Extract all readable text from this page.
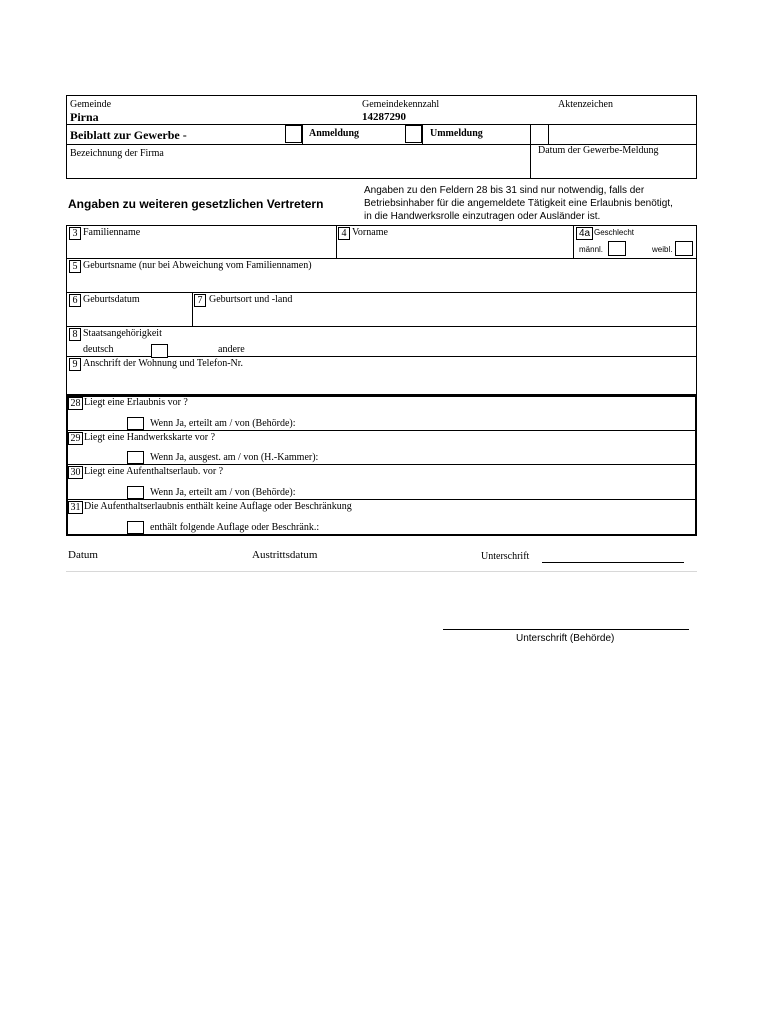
Gemeinde
Pirna
Gemeindekennzahl
14287290
Aktenzeichen
Beiblatt zur Gewerbe -	Anmeldung	Ummeldung
Bezeichnung der Firma	Datum der Gewerbe-Meldung
Angaben zu weiteren gesetzlichen Vertretern
Angaben zu den Feldern 28 bis 31 sind nur notwendig, falls der
Betriebsinhaber für die angemeldete Tätigkeit eine Erlaubnis benötigt,
in die Handwerksrolle einzutragen oder Ausländer ist.
3 Familienname	4 Vorname	4a Geschlecht
männl.	weibl.
5 Geburtsname (nur bei Abweichung vom Familiennamen)
6 Geburtsdatum	7 Geburtsort und -land
8 Staatsangehörigkeit
deutsch	andere
9 Anschrift der Wohnung und Telefon-Nr.
28 Liegt eine Erlaubnis vor ?
Wenn Ja, erteilt am / von (Behörde):
29 Liegt eine Handwerkskarte vor ?
Wenn Ja, ausgest. am / von (H.-Kammer):
30 Liegt eine Aufenthaltserlaub. vor ?
Wenn Ja, erteilt am / von (Behörde):
31 Die Aufenthaltserlaubnis enthält keine Auflage oder Beschränkung
enthält folgende Auflage oder Beschränk.:
Datum	Austrittsdatum	Unterschrift
Unterschrift (Behörde)
